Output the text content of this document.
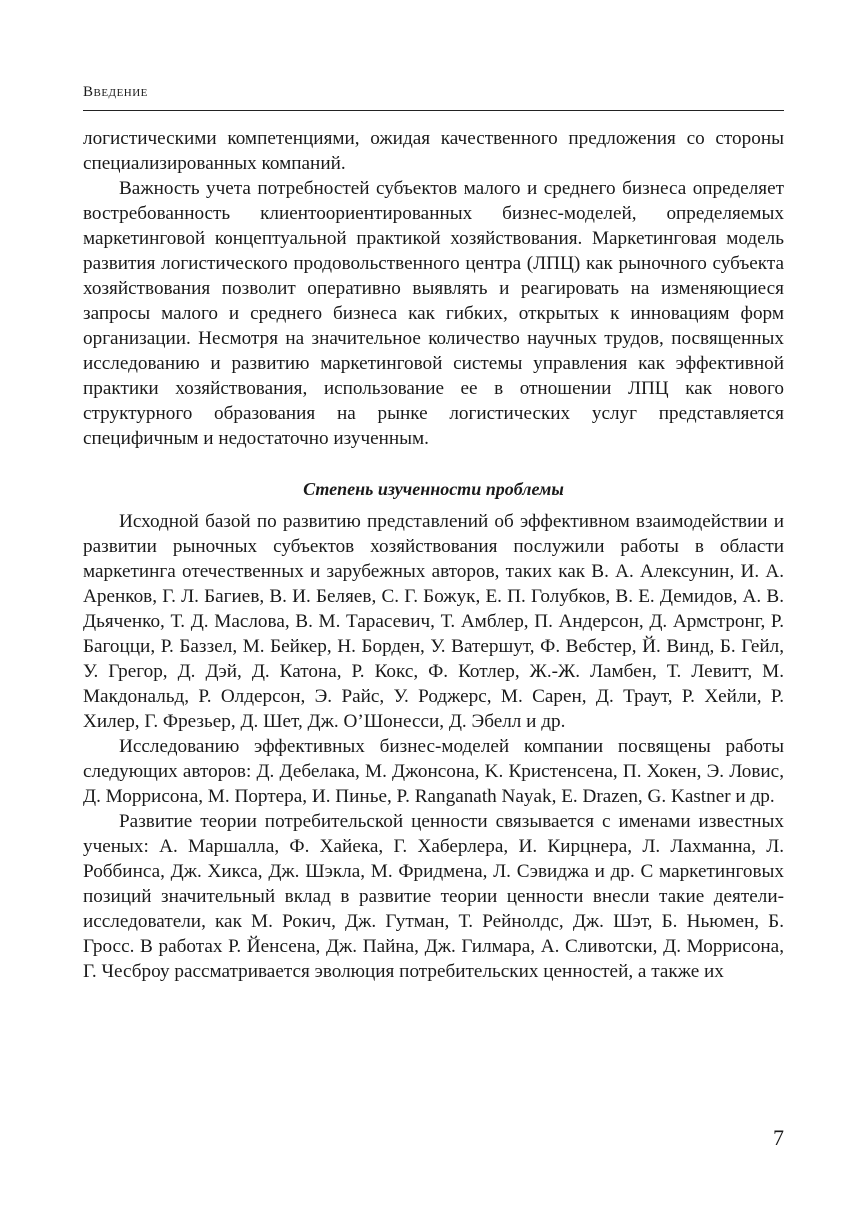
Введение

логистическими компетенциями, ожидая качественного предложения со стороны специализированных компаний.

Важность учета потребностей субъектов малого и среднего бизнеса определяет востребованность клиентоориентированных бизнес-моделей, определяемых маркетинговой концептуальной практикой хозяйствования. Маркетинговая модель развития логистического продовольственного центра (ЛПЦ) как рыночного субъекта хозяйствования позволит оперативно выявлять и реагировать на изменяющиеся запросы малого и среднего бизнеса как гибких, открытых к инновациям форм организации. Несмотря на значительное количество научных трудов, посвященных исследованию и развитию маркетинговой системы управления как эффективной практики хозяйствования, использование ее в отношении ЛПЦ как нового структурного образования на рынке логистических услуг представляется специфичным и недостаточно изученным.

Степень изученности проблемы

Исходной базой по развитию представлений об эффективном взаимодействии и развитии рыночных субъектов хозяйствования послужили работы в области маркетинга отечественных и зарубежных авторов, таких как В. А. Алексунин, И. А. Аренков, Г. Л. Багиев, В. И. Беляев, С. Г. Божук, Е. П. Голубков, В. Е. Демидов, А. В. Дьяченко, Т. Д. Маслова, В. М. Тарасевич, Т. Амблер, П. Андерсон, Д. Армстронг, Р. Багоцци, Р. Баззел, М. Бейкер, Н. Борден, У. Ватершут, Ф. Вебстер, Й. Винд, Б. Гейл, У. Грегор, Д. Дэй, Д. Катона, Р. Кокс, Ф. Котлер, Ж.-Ж. Ламбен, Т. Левитт, М. Макдональд, Р. Олдерсон, Э. Райс, У. Роджерс, М. Сарен, Д. Траут, Р. Хейли, Р. Хилер, Г. Фрезьер, Д. Шет, Дж. О’Шонесси, Д. Эбелл и др.

Исследованию эффективных бизнес-моделей компании посвящены работы следующих авторов: Д. Дебелака, М. Джонсона, K. Кристенсена, П. Хокен, Э. Ловис, Д. Моррисона, М. Портера, И. Пинье, P. Ranganath Nayak, E. Drazen, G. Kastner и др.

Развитие теории потребительской ценности связывается с именами известных ученых: А. Маршалла, Ф. Хайека, Г. Хаберлера, И. Кирцнера, Л. Лахманна, Л. Роббинса, Дж. Хикса, Дж. Шэкла, М. Фридмена, Л. Сэвиджа и др. С маркетинговых позиций значительный вклад в развитие теории ценности внесли такие деятели-исследователи, как М. Рокич, Дж. Гутман, Т. Рейнолдс, Дж. Шэт, Б. Ньюмен, Б. Гросс. В работах Р. Йенсена, Дж. Пайна, Дж. Гилмара, А. Сливотски, Д. Моррисона, Г. Чесброу рассматривается эволюция потребительских ценностей, а также их

7
